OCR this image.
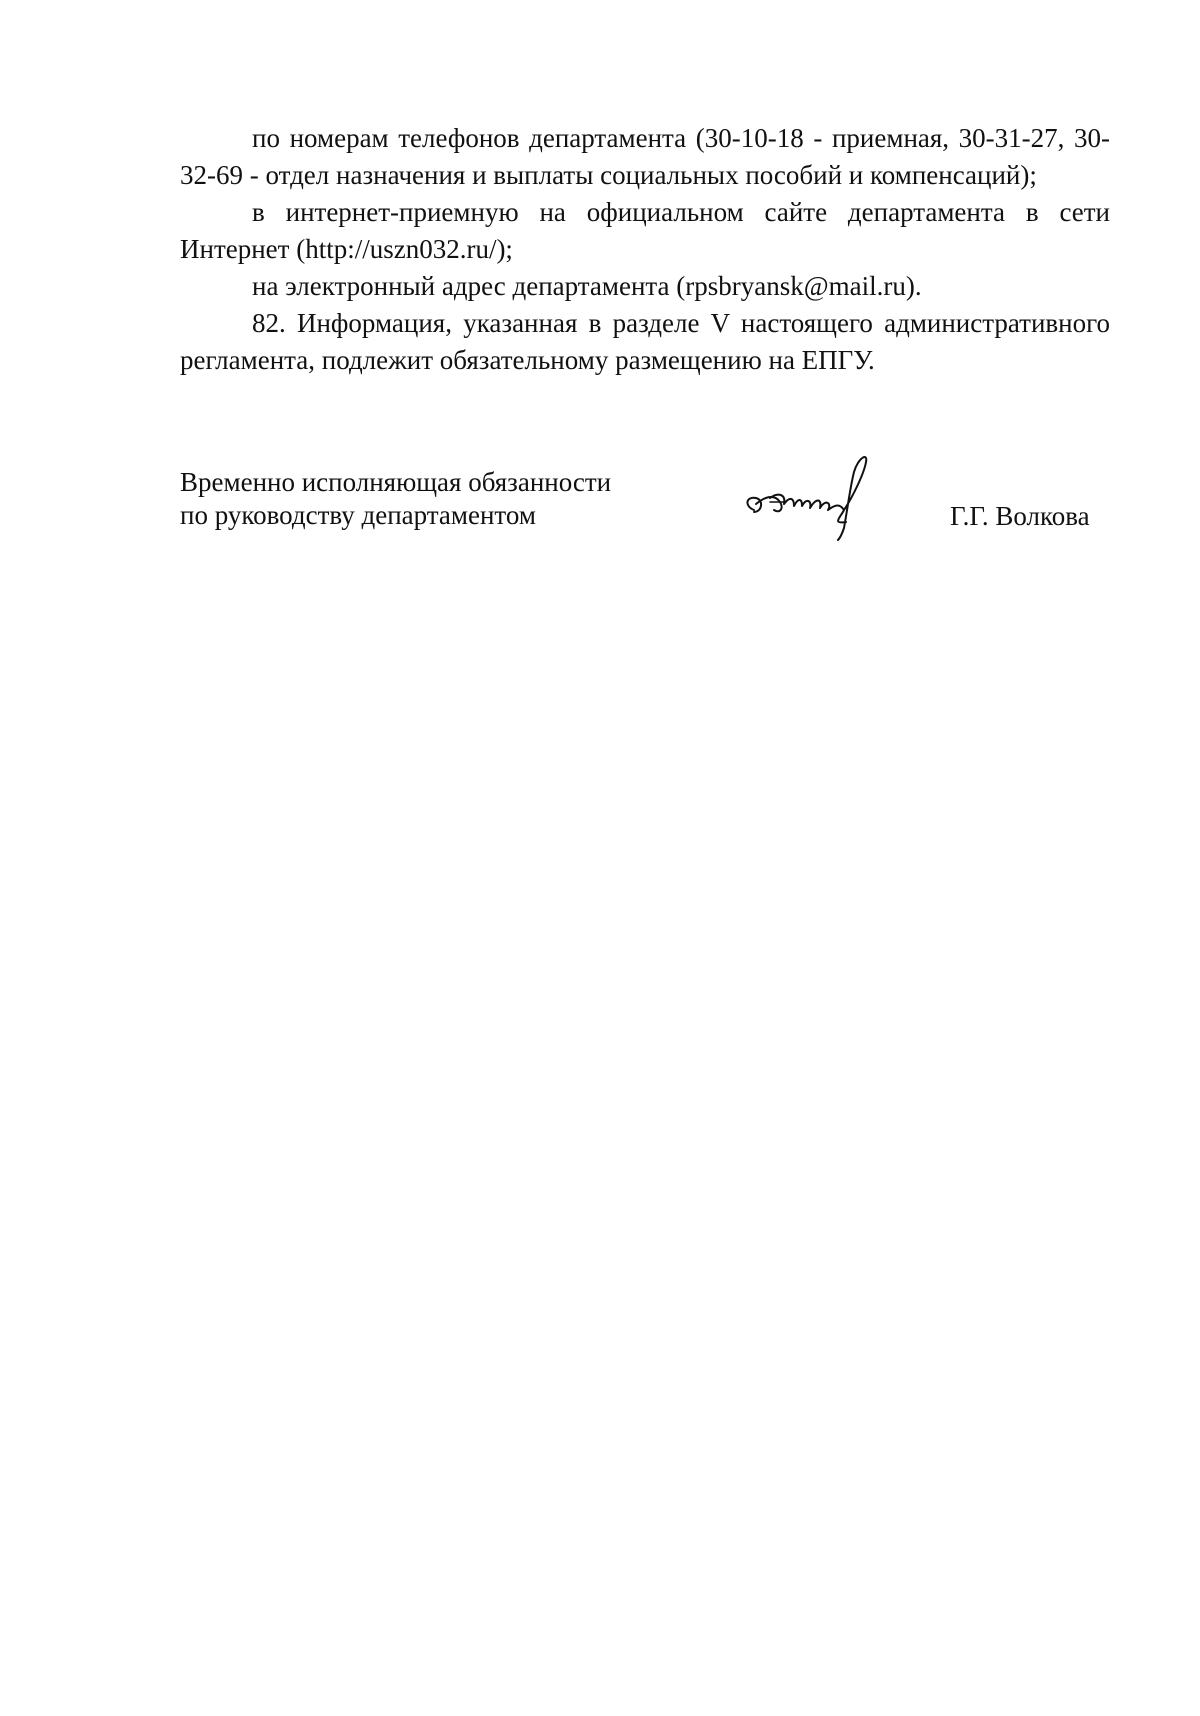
по номерам телефонов департамента (30-10-18 - приемная, 30-31-27, 30-32-69 - отдел назначения и выплаты социальных пособий и компенсаций);

в интернет-приемную на официальном сайте департамента в сети Интернет (http://uszn032.ru/);

на электронный адрес департамента (rpsbryansk@mail.ru).

82. Информация, указанная в разделе V настоящего административного регламента, подлежит обязательному размещению на ЕПГУ.

Временно исполняющая обязанности
по руководству департаментом	Г.Г. Волкова
